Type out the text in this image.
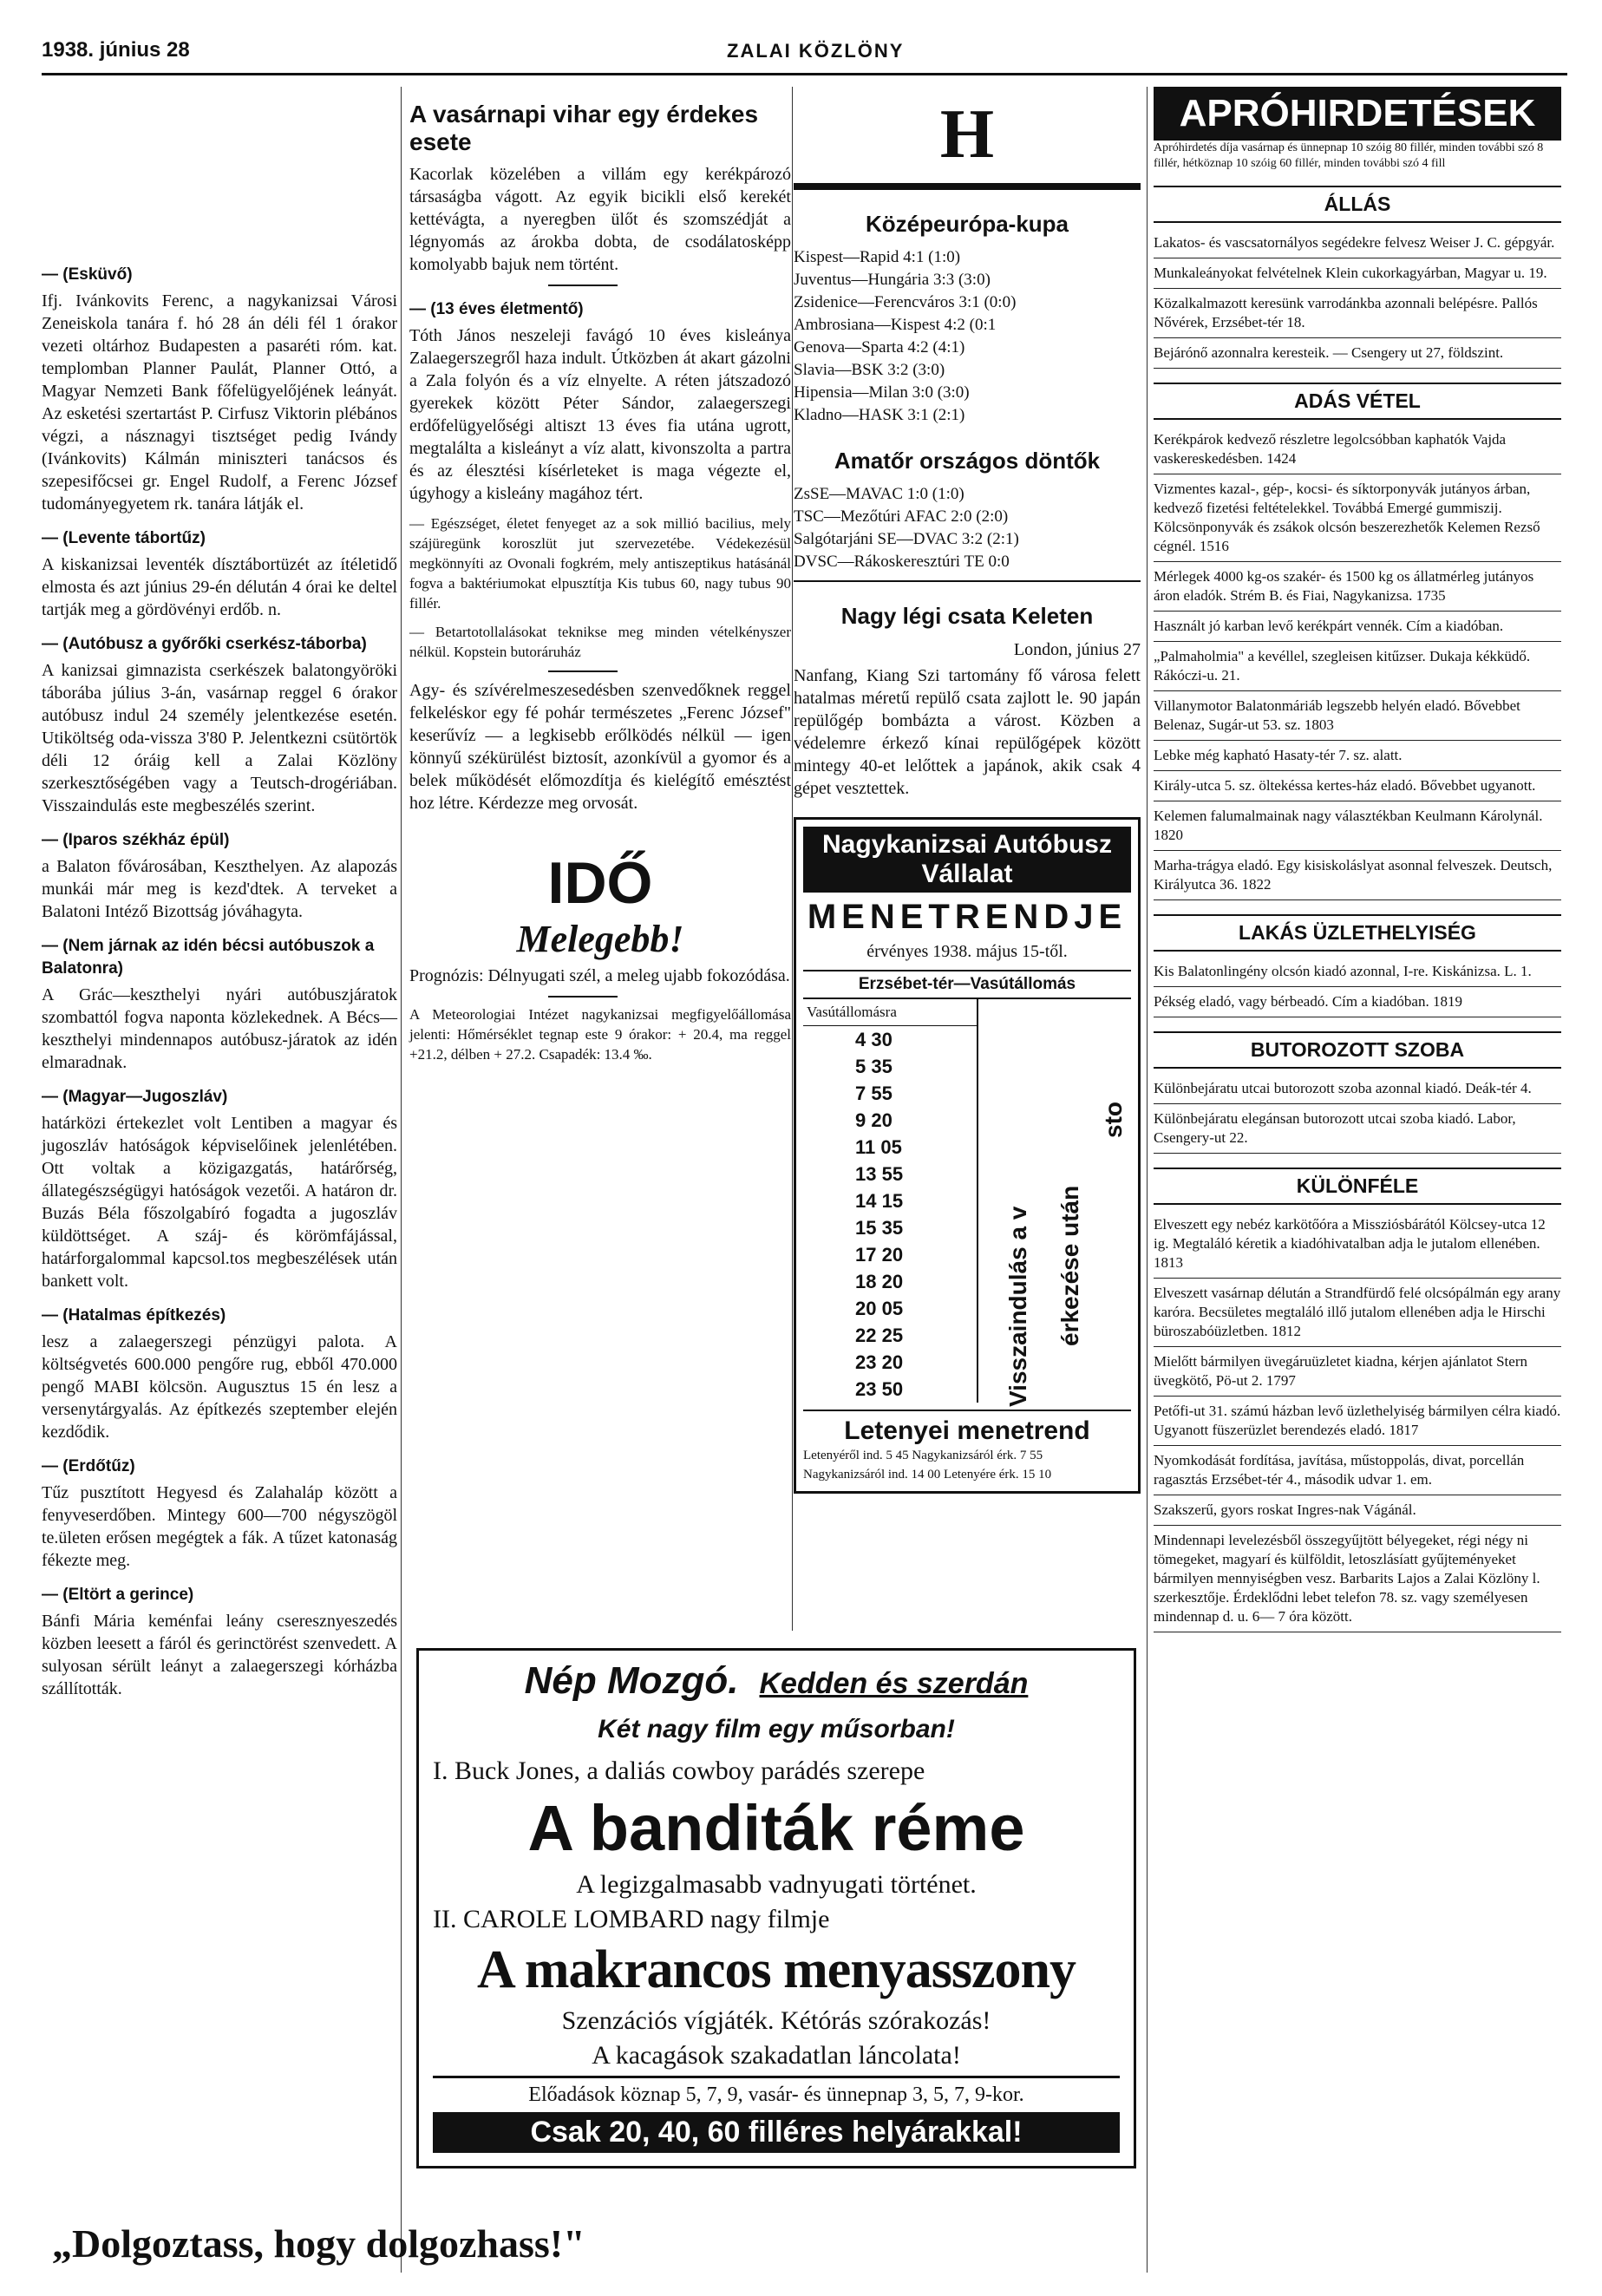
1938. június 28	ZALAI KÖZLÖNY
— (Esküvő)

Ifj. Ivánkovits Ferenc, a nagykanizsai Városi Zeneiskola tanára f. hó 28 án déli fél 1 órakor vezeti oltárhoz Budapesten a pasaréti róm. kat. templomban Planner Paulát, Planner Ottó, a Magyar Nemzeti Bank főfelügyelőjének leányát. Az esketési szertartást P. Cirfusz Viktorin plébános végzi, a násznagyi tisztséget pedig Ivándy (Ivánkovits) Kálmán miniszteri tanácsos és szepesifőcsei gr. Engel Rudolf, a Ferenc József tudományegyetem rk. tanára látják el.

— (Levente tábortűz)

A kiskanizsai leventék dísztábortüzét az ítéletidő elmosta és azt június 29-én délután 4 órai ke deltel tartják meg a gördövényi erdőb. n.

— (Autóbusz a győrőki cserkész-táborba)

A kanizsai gimnazista cserkészek balatongyöröki táborába július 3-án, vasárnap reggel 6 órakor autóbusz indul 24 személy jelentkezése esetén. Utiköltség oda-vissza 3'80 P. Jelentkezni csütörtök déli 12 óráig kell a Zalai Közlöny szerkesztőségében vagy a Teutsch-drogériában. Visszaindulás este megbeszélés szerint.

— (Iparos székház épül)

a Balaton fővárosában, Keszthelyen. Az alapozás munkái már meg is kezd'dtek. A terveket a Balatoni Intéző Bizottság jóváhagyta.

— (Nem járnak az idén bécsi autóbuszok a Balatonra)

A Grác—keszthelyi nyári autóbuszjáratok szombattól fogva naponta közlekednek. A Bécs—keszthelyi mindennapos autóbusz-járatok az idén elmaradnak.

— (Magyar—Jugoszláv)

határközi értekezlet volt Lentiben a magyar és jugoszláv hatóságok képviselőinek jelenlétében. Ott voltak a közigazgatás, határőrség, állategészségügyi hatóságok vezetői. A határon dr. Buzás Béla főszolgabíró fogadta a jugoszláv küldöttséget. A száj- és körömfájással, határforgalommal kapcsol.tos megbeszélések után bankett volt.

— (Hatalmas építkezés)

lesz a zalaegerszegi pénzügyi palota. A költségvetés 600.000 pengőre rug, ebből 470.000 pengő MABI kölcsön. Augusztus 15 én lesz a versenytárgyalás. Az építkezés szeptember elején kezdődik.

— (Erdőtűz)

Tűz pusztított Hegyesd és Zalahaláp között a fenyveserdőben. Mintegy 600—700 négyszögöl te.ületen erősen megégtek a fák. A tűzet katonaság fékezte meg.

— (Eltört a gerince)

Bánfi Mária keménfai leány cseresznyeszedés közben leesett a fáról és gerinctörést szenvedett. A sulyosan sérült leányt a zalaegerszegi kórházba szállították.

A vasárnapi vihar egy érdekes esete

Kacorlak közelében a villám egy kerékpározó társaságba vágott. Az egyik bicikli első kerekét kettévágta, a nyeregben ülőt és szomszédját a légnyomás az árokba dobta, de csodálatosképp komolyabb bajuk nem történt.

— (13 éves életmentő)

Tóth János neszeleji favágó 10 éves kisleánya Zalaegerszegről haza indult. Útközben át akart gázolni a Zala folyón és a víz elnyelte. A réten játszadozó gyerekek között Péter Sándor, zalaegerszegi erdőfelügyelőségi altiszt 13 éves fia utána ugrott, megtalálta a kisleányt a víz alatt, kivonszolta a partra és az élesztési kísérleteket is maga végezte el, úgyhogy a kisleány magához tért.

— Egészséget, életet fenyeget az a sok millió bacilius, mely szájüregünk koroszlüt jut szervezetébe. Védekezésül megkönnyíti az Ovonali fogkrém, mely antiszeptikus hatásánál fogva a baktériumokat elpusztítja Kis tubus 60, nagy tubus 90 fillér.

— Betartotollalásokat teknikse meg minden vételkényszer nélkül. Kopstein butoráruház

Agy- és szívérelmeszesedésben szenvedőknek reggel felkeléskor egy fé pohár természetes „Ferenc József" keserűvíz — a legkisebb erőlködés nélkül — igen könnyű székürülést biztosít, azonkívül a gyomor és a belek működését előmozdítja és kielégítő emésztést hoz létre. Kérdezze meg orvosát.

IDŐ
Melegebb!

Prognózis: Délnyugati szél, a meleg ujabb fokozódása.

A Meteorologiai Intézet nagykanizsai megfigyelőállomása jelenti: Hőmérséklet tegnap este 9 órakor: + 20.4, ma reggel +21.2, délben + 27.2. Csapadék: 13.4 ‰.

H
Középeurópa-kupa
Kispest—Rapid 4:1 (1:0)
Juventus—Hungária 3:3 (3:0)
Zsidenice—Ferencváros 3:1 (0:0)
Ambrosiana—Kispest 4:2 (0:1
Genova—Sparta 4:2 (4:1)
Slavia—BSK 3:2 (3:0)
Hipensia—Milan 3:0 (3:0)
Kladno—HASK 3:1 (2:1)
Amatőr országos döntők
ZsSE—MAVAC 1:0 (1:0)
TSC—Mezőtúri AFAC 2:0 (2:0)
Salgótarjáni SE—DVAC 3:2 (2:1)
DVSC—Rákoskeresztúri TE 0:0
Nagy légi csata Keleten

London, június 27

Nanfang, Kiang Szi tartomány fő városa felett hatalmas méretű repülő csata zajlott le. 90 japán repülőgép bombázta a várost. Közben a védelemre érkező kínai repülőgépek között mintegy 40-et lelőttek a japánok, akik csak 4 gépet vesztettek.

Nagykanizsai Autóbusz Vállalat
MENETRENDJE
érvényes 1938. május 15-től.
Erzsébet-tér—Vasútállomás
Vasútállomásra
4 30
5 35
7 55
9 20
11 05
13 55
14 15
15 35
17 20
18 20
20 05
22 25
23 20
23 50	Visszaindulás a v érkezése után
sto
Letenyei menetrend
Letenyéről ind. 5 45 Nagykanizsáról érk. 7 55
Nagykanizsáról ind. 14 00 Letenyére érk. 15 10
APRÓHIRDETÉSEK
Apróhirdetés díja vasárnap és ünnepnap 10 szóig 80 fillér, minden további szó 8 fillér, hétköznap 10 szóig 60 fillér, minden további szó 4 fill
ÁLLÁS
Lakatos- és vascsatornályos segédekre felvesz Weiser J. C. gépgyár.
Munkaleányokat felvételnek Klein cukorkagyárban, Magyar u. 19.
Közalkalmazott keresünk varrodánkba azonnali belépésre. Pallós Nővérek, Erzsébet-tér 18.
Bejárónő azonnalra keresteik. — Csengery ut 27, földszint.
ADÁS VÉTEL
Kerékpárok kedvező részletre legolcsóbban kaphatók Vajda vaskereskedésben. 1424
Vizmentes kazal-, gép-, kocsi- és síktorponyvák jutányos árban, kedvező fizetési feltételekkel. Továbbá Emergé gummiszij. Kölcsönponyvák és zsákok olcsón beszerezhetők Kelemen Rezső cégnél. 1516
Mérlegek 4000 kg-os szakér- és 1500 kg os állatmérleg jutányos áron eladók. Strém B. és Fiai, Nagykanizsa. 1735
Használt jó karban levő kerékpárt vennék. Cím a kiadóban.
„Palmaholmia" a kevéllel, szegleisen kitűzser. Dukaja kékküdő. Rákóczi-u. 21.
Villanymotor Balatonmáriáb legszebb helyén eladó. Bővebbet Belenaz, Sugár-ut 53. sz. 1803
Lebke még kapható Hasaty-tér 7. sz. alatt.
Király-utca 5. sz. öltekéssa kertes-ház eladó. Bővebbet ugyanott.
Kelemen falumalmainak nagy választékban Keulmann Károlynál. 1820
Marha-trágya eladó. Egy kisiskoláslyat asonnal felveszek. Deutsch, Királyutca 36. 1822
LAKÁS ÜZLETHELYISÉG
Kis Balatonlingény olcsón kiadó azonnal, I-re. Kiskánizsa. L. 1.
Pékség eladó, vagy bérbeadó. Cím a kiadóban. 1819
BUTOROZOTT SZOBA
Különbejáratu utcai butorozott szoba azonnal kiadó. Deák-tér 4.
Különbejáratu elegánsan butorozott utcai szoba kiadó. Labor, Csengery-ut 22.
KÜLÖNFÉLE
Elveszett egy nebéz karkötőóra a Missziósbárától Kölcsey-utca 12 ig. Megtaláló kéretik a kiadóhivatalban adja le jutalom ellenében. 1813
Elveszett vasárnap délután a Strandfürdő felé olcsópálmán egy arany karóra. Becsületes megtaláló illő jutalom ellenében adja le Hirschi büroszabóüzletben. 1812
Mielőtt bármilyen üvegáruüzletet kiadna, kérjen ajánlatot Stern üvegkötő, Pö-ut 2. 1797
Petőfi-ut 31. számú házban levő üzlethelyiség bármilyen célra kiadó. Ugyanott füszerüzlet berendezés eladó. 1817
Nyomkodását fordítása, javítása, műstoppolás, divat, porcellán ragasztás Erzsébet-tér 4., második udvar 1. em.
Szakszerű, gyors roskat Ingres-nak Vágánál.
Mindennapi levelezésből összegyűjtött bélyegeket, régi négy ni tömegeket, magyarí és külföldit, letoszlásíatt gyűjteményeket bármilyen mennyiségben vesz. Barbarits Lajos a Zalai Közlöny l. szerkesztője. Érdeklődni lebet telefon 78. sz. vagy személyesen mindennap d. u. 6— 7 óra között.
Nép Mozgó. Kedden és szerdán
Két nagy film egy műsorban!
I. Buck Jones, a daliás cowboy parádés szerepe
A banditák réme
A legizgalmasabb vadnyugati történet.
II. CAROLE LOMBARD nagy filmje
A makrancos menyasszony
Szenzációs vígjáték. Kétórás szórakozás!
A kacagások szakadatlan láncolata!
Előadások köznap 5, 7, 9, vasár- és ünnepnap 3, 5, 7, 9-kor.
Csak 20, 40, 60 filléres helyárakkal!
„Dolgoztass, hogy dolgozhass!"
